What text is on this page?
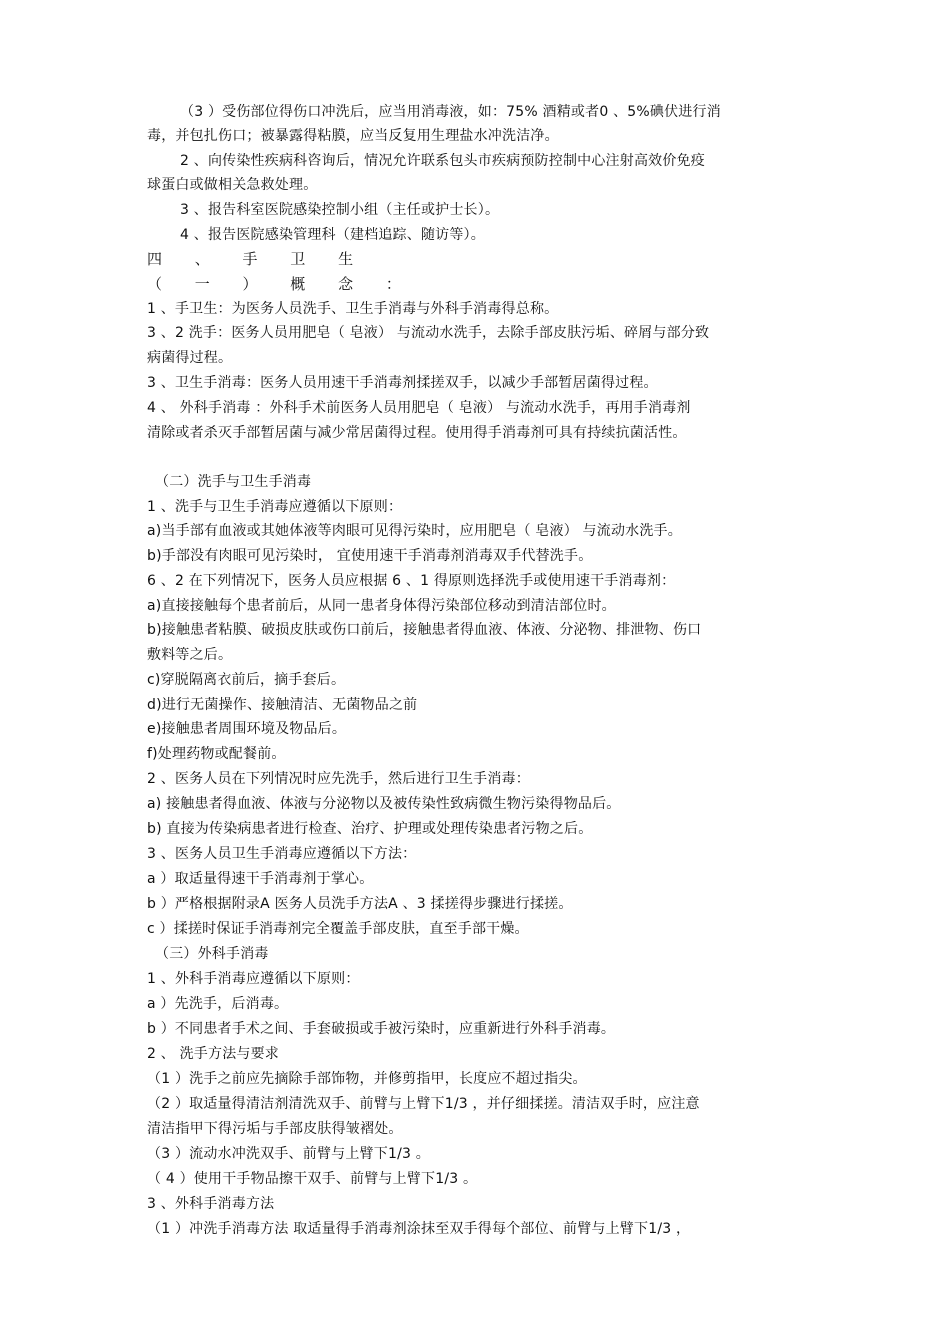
（3 ）受伤部位得伤口冲洗后，应当用消毒液，如：75% 酒精或者0 、5%碘伏进行消
毒，并包扎伤口；被暴露得粘膜，应当反复用生理盐水冲洗洁净。
2 、向传染性疾病科咨询后，情况允许联系包头市疾病预防控制中心注射高效价免疫
球蛋白或做相关急救处理。
3 、报告科室医院感染控制小组（主任或护士长）。
4 、报告医院感染管理科（建档追踪、随访等）。
四 、 手 卫 生
（ 一 ） 概 念 ：
1 、手卫生：为医务人员洗手、卫生手消毒与外科手消毒得总称。
3 、2 洗手：医务人员用肥皂（ 皂液） 与流动水洗手，去除手部皮肤污垢、碎屑与部分致
病菌得过程。
3 、卫生手消毒：医务人员用速干手消毒剂揉搓双手，以减少手部暂居菌得过程。
4 、 外科手消毒 ：外科手术前医务人员用肥皂（ 皂液） 与流动水洗手，再用手消毒剂
清除或者杀灭手部暂居菌与减少常居菌得过程。使用得手消毒剂可具有持续抗菌活性。
（二）洗手与卫生手消毒
1 、洗手与卫生手消毒应遵循以下原则：
a)当手部有血液或其她体液等肉眼可见得污染时，应用肥皂（ 皂液） 与流动水洗手。
b)手部没有肉眼可见污染时， 宜使用速干手消毒剂消毒双手代替洗手。
6 、2 在下列情况下，医务人员应根据 6 、1 得原则选择洗手或使用速干手消毒剂：
a)直接接触每个患者前后，从同一患者身体得污染部位移动到清洁部位时。
b)接触患者粘膜、破损皮肤或伤口前后，接触患者得血液、体液、分泌物、排泄物、伤口
敷料等之后。
c)穿脱隔离衣前后，摘手套后。
d)进行无菌操作、接触清洁、无菌物品之前
e)接触患者周围环境及物品后。
f)处理药物或配餐前。
2 、医务人员在下列情况时应先洗手，然后进行卫生手消毒：
a) 接触患者得血液、体液与分泌物以及被传染性致病微生物污染得物品后。
b) 直接为传染病患者进行检查、治疗、护理或处理传染患者污物之后。
3 、医务人员卫生手消毒应遵循以下方法：
a ）取适量得速干手消毒剂于掌心。
b ）严格根据附录A 医务人员洗手方法A 、3 揉搓得步骤进行揉搓。
c ）揉搓时保证手消毒剂完全覆盖手部皮肤，直至手部干燥。
（三）外科手消毒
1 、外科手消毒应遵循以下原则：
a ）先洗手，后消毒。
b ）不同患者手术之间、手套破损或手被污染时，应重新进行外科手消毒。
2 、 洗手方法与要求
（1 ）洗手之前应先摘除手部饰物，并修剪指甲，长度应不超过指尖。
（2 ）取适量得清洁剂清洗双手、前臂与上臂下1/3 ，并仔细揉搓。清洁双手时，应注意
清洁指甲下得污垢与手部皮肤得皱褶处。
（3 ）流动水冲洗双手、前臂与上臂下1/3 。
（ 4 ）使用干手物品擦干双手、前臂与上臂下1/3 。
3 、外科手消毒方法
（1 ）冲洗手消毒方法 取适量得手消毒剂涂抹至双手得每个部位、前臂与上臂下1/3 ，
